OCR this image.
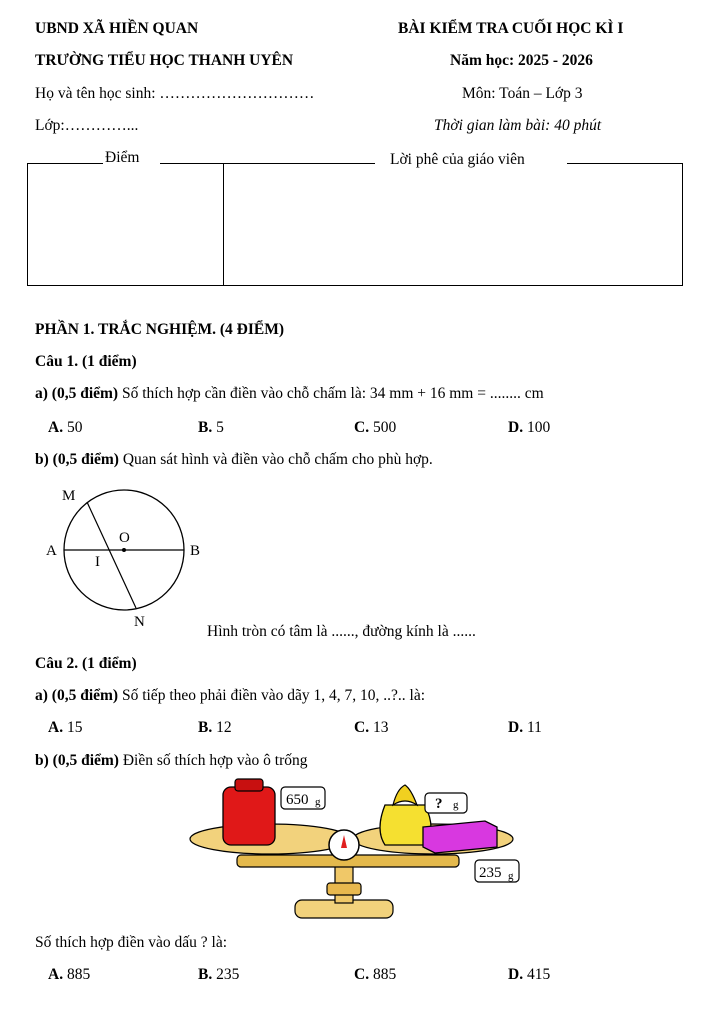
UBND XÃ HIỀN QUAN	BÀI KIỂM TRA CUỐI HỌC KÌ I
TRƯỜNG TIỂU HỌC THANH UYÊN	Năm học: 2025 - 2026
Họ và tên học sinh: …………………………	Môn: Toán – Lớp 3
Lớp:…………...	Thời gian làm bài: 40 phút
Điểm	Lời phê của giáo viên
PHẦN 1. TRẮC NGHIỆM. (4 ĐIỂM)
Câu 1. (1 điểm)
a) (0,5 điểm) Số thích hợp cần điền vào chỗ chấm là: 34 mm + 16 mm = ........ cm
A. 50	B. 5	C. 500	D. 100
b) (0,5 điểm) Quan sát hình và điền vào chỗ chấm cho phù hợp.
M
O
A	B
I
N
Hình tròn có tâm là ......, đường kính là ......
Câu 2. (1 điểm)
a) (0,5 điểm) Số tiếp theo phải điền vào dãy 1, 4, 7, 10, ..?.. là:
A. 15	B. 12	C. 13	D. 11
b) (0,5 điểm) Điền số thích hợp vào ô trống
650 g	? g
235 g
Số thích hợp điền vào dấu ? là:
A. 885	B. 235	C. 885	D. 415
